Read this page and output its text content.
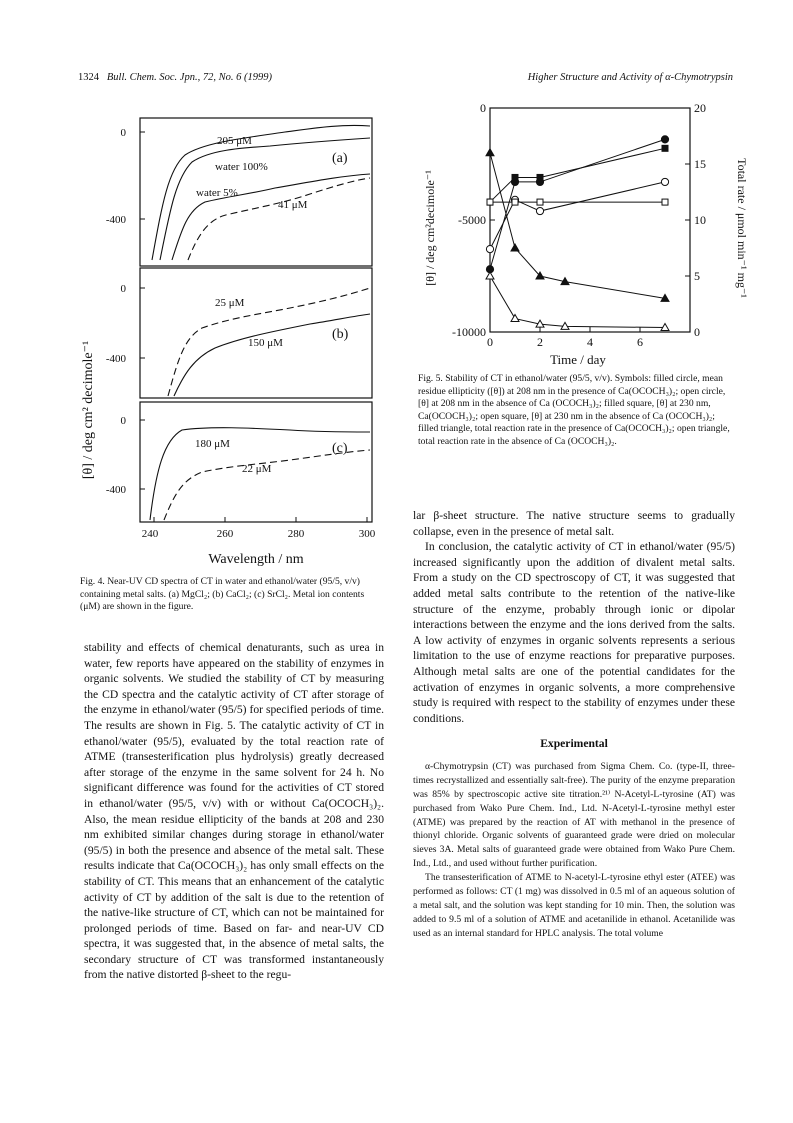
1324 Bull. Chem. Soc. Jpn., 72, No. 6 (1999)	Higher Structure and Activity of α-Chymotrypsin
[θ] / deg cm² decimole⁻¹
0
-400
205 μM
water 100%
water 5%
41 μM
(a)
0
-400
25 μM
150 μM
(b)
0
-400
180 μM
22 μM
(c)
240	260	280	300
Wavelength / nm
Fig. 4. Near-UV CD spectra of CT in water and ethanol/water (95/5, v/v) containing metal salts. (a) MgCl₂; (b) CaCl₂; (c) SrCl₂. Metal ion contents (μM) are shown in the figure.
[θ] / deg cm²decimole⁻¹	Total rate / μmol min⁻¹ mg⁻¹
Time / day
0
-5000
-10000
20
15
10
5
0
0	2	4	6
Fig. 5. Stability of CT in ethanol/water (95/5, v/v). Symbols: filled circle, mean residue ellipticity ([θ]) at 208 nm in the presence of Ca(OCOCH₃)₂; open circle, [θ] at 208 nm in the absence of Ca (OCOCH₃)₂; filled square, [θ] at 230 nm, Ca(OCOCH₃)₂; open square, [θ] at 230 nm in the absence of Ca (OCOCH₃)₂; filled triangle, total reaction rate in the presence of Ca(OCOCH₃)₂; open triangle, total reaction rate in the absence of Ca (OCOCH₃)₂.

stability and effects of chemical denaturants, such as urea in water, few reports have appeared on the stability of enzymes in organic solvents. We studied the stability of CT by measuring the CD spectra and the catalytic activity of CT after storage of the enzyme in ethanol/water (95/5) for specified periods of time. The results are shown in Fig. 5. The catalytic activity of CT in ethanol/water (95/5), evaluated by the total reaction rate of ATME (transesterification plus hydrolysis) greatly decreased after storage of the enzyme in the same solvent for 24 h. No significant difference was found for the activities of CT stored in ethanol/water (95/5, v/v) with or without Ca(OCOCH₃)₂. Also, the mean residue ellipticity of the bands at 208 and 230 nm exhibited similar changes during storage in ethanol/water (95/5) in both the presence and absence of the metal salt. These results indicate that Ca(OCOCH₃)₂ has only small effects on the stability of CT. This means that an enhancement of the catalytic activity of CT by addition of the salt is due to the retention of the native-like structure of CT, which can not be maintained for prolonged periods of time. Based on far- and near-UV CD spectra, it was suggested that, in the absence of metal salts, the secondary structure of CT was transformed instantaneously from the native distorted β-sheet to the regu-

lar β-sheet structure. The native structure seems to gradually collapse, even in the presence of metal salt.

In conclusion, the catalytic activity of CT in ethanol/water (95/5) increased significantly upon the addition of divalent metal salts. From a study on the CD spectroscopy of CT, it was suggested that added metal salts contribute to the retention of the native-like structure of the enzyme, probably through ionic or dipolar interactions between the enzyme and the ions derived from the salts. A low activity of enzymes in organic solvents represents a serious limitation to the use of enzyme reactions for preparative purposes. Although metal salts are one of the potential candidates for the activation of enzymes in organic solvents, a more comprehensive study is required with respect to the stability of enzymes under these conditions.

Experimental

α-Chymotrypsin (CT) was purchased from Sigma Chem. Co. (type-II, three- times recrystallized and essentially salt-free). The purity of the enzyme preparation was 85% by spectroscopic active site titration.²¹⁾ N-Acetyl-L-tyrosine (AT) was purchased from Wako Pure Chem. Ind., Ltd. N-Acetyl-L-tyrosine methyl ester (ATME) was prepared by the reaction of AT with methanol in the presence of thionyl chloride. Organic solvents of guaranteed grade were dried on molecular sieves 3A. Metal salts of guaranteed grade were obtained from Wako Pure Chem. Ind., Ltd., and used without further purification.

The transesterification of ATME to N-acetyl-L-tyrosine ethyl ester (ATEE) was performed as follows: CT (1 mg) was dissolved in 0.5 ml of an aqueous solution of a metal salt, and the solution was kept standing for 10 min. Then, the solution was added to 9.5 ml of a solution of ATME and acetanilide in ethanol. Acetanilide was used as an internal standard for HPLC analysis. The total volume
